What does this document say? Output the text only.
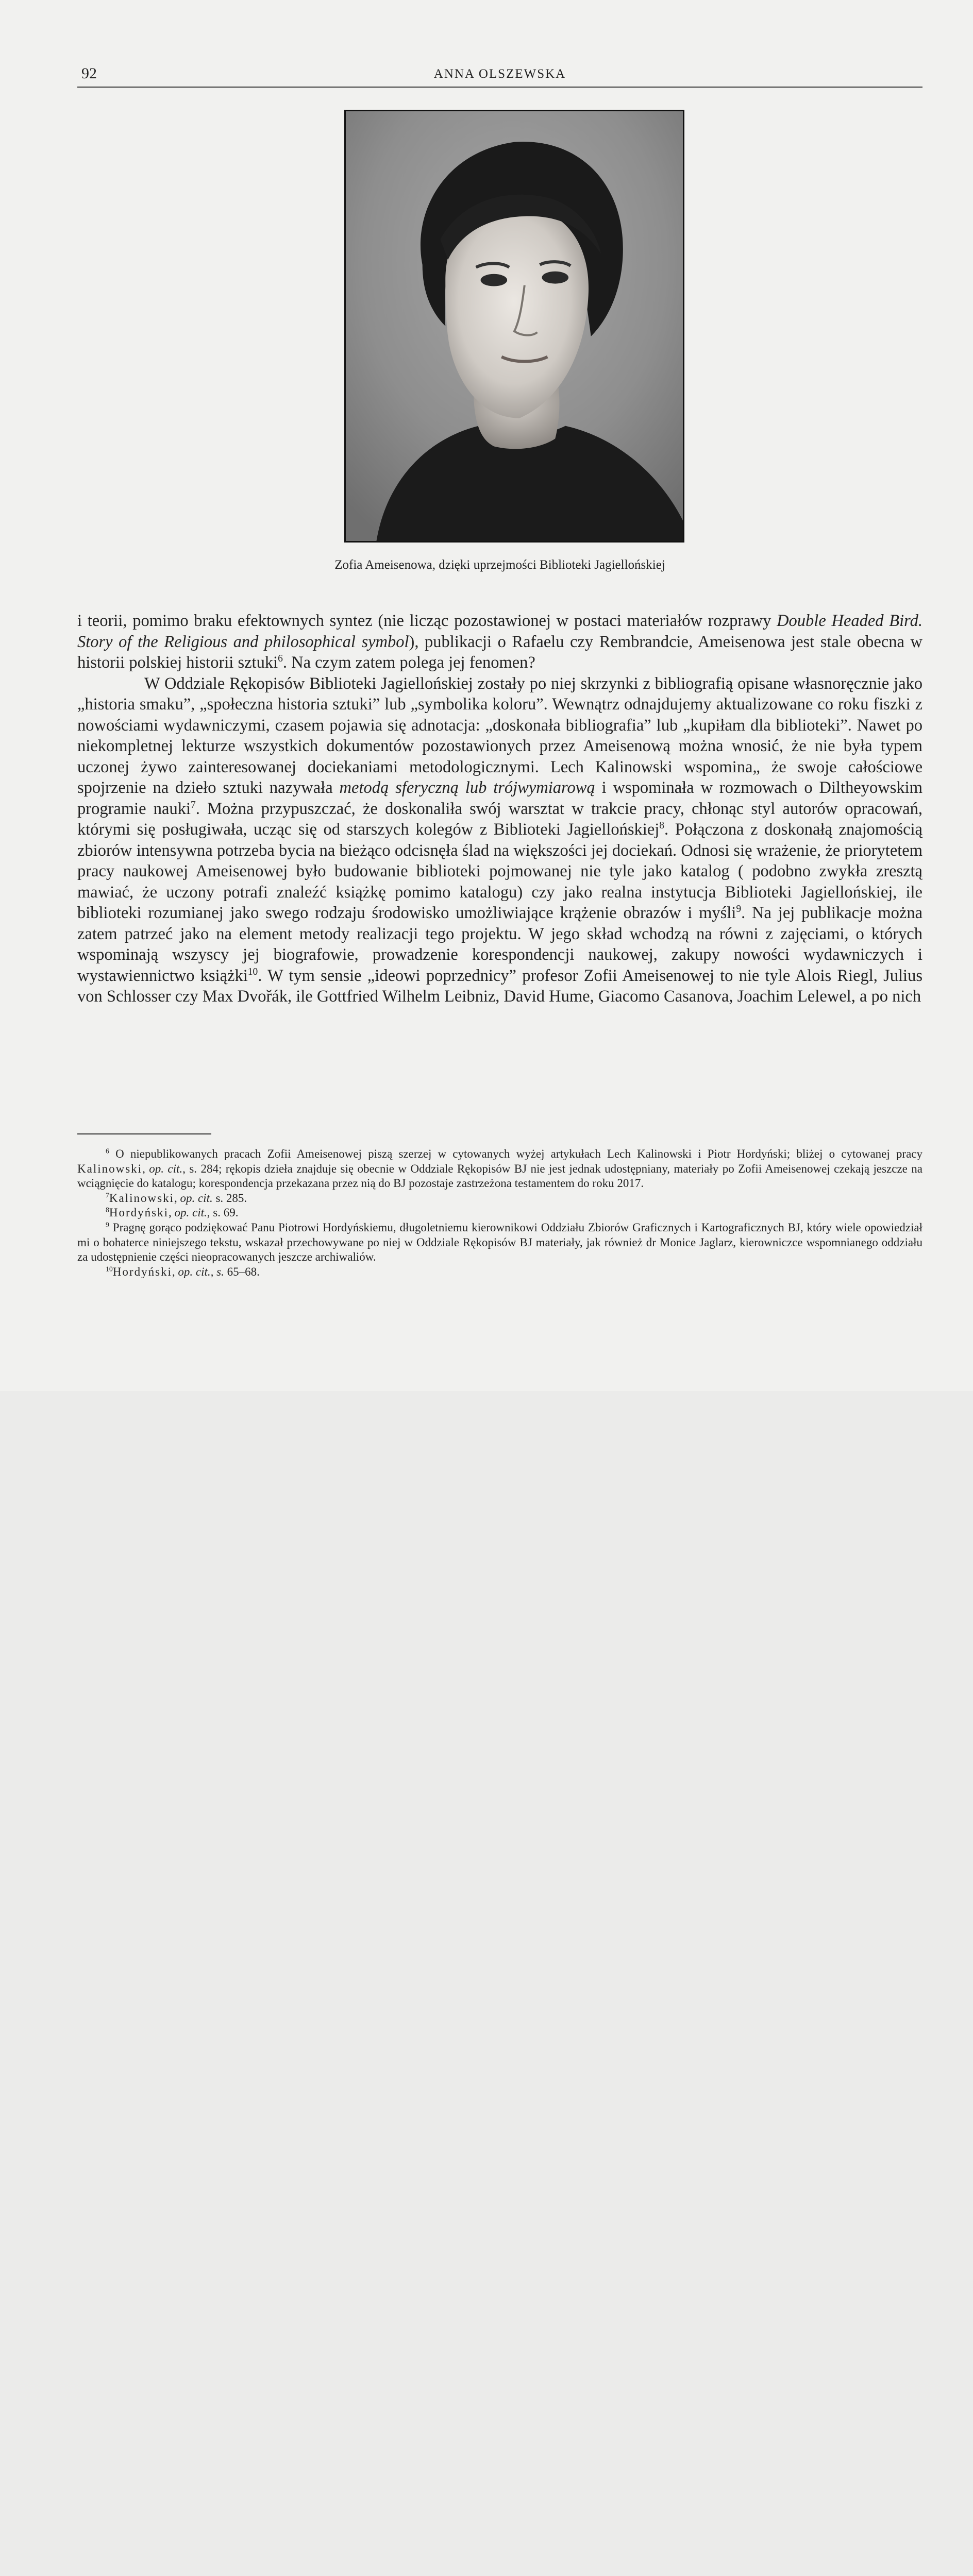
92	ANNA OLSZEWSKA
Zofia Ameisenowa, dzięki uprzejmości Biblioteki Jagiellońskiej

i teorii, pomimo braku efektownych syntez (nie licząc pozostawionej w postaci materiałów rozprawy Double Headed Bird. Story of the Religious and philosophical symbol), publikacji o Rafaelu czy Rembrandcie, Ameisenowa jest stale obecna w historii polskiej historii sztuki$^6$. Na czym zatem polega jej fenomen?

W Oddziale Rękopisów Biblioteki Jagiellońskiej zostały po niej skrzynki z bibliografią opisane własnoręcznie jako „historia smaku”, „społeczna historia sztuki” lub „symbolika koloru”. Wewnątrz odnajdujemy aktualizowane co roku fiszki z nowościami wydawniczymi, czasem pojawia się adnotacja: „doskonała bibliografia” lub „kupiłam dla biblioteki”. Nawet po niekompletnej lekturze wszystkich dokumentów pozostawionych przez Ameisenową można wnosić, że nie była typem uczonej żywo zainteresowanej dociekaniami metodologicznymi. Lech Kalinowski wspomina„ że swoje całościowe spojrzenie na dzieło sztuki nazywała metodą sferyczną lub trójwymiarową i wspominała w rozmowach o Diltheyowskim programie nauki$^7$. Można przypuszczać, że doskonaliła swój warsztat w trakcie pracy, chłonąc styl autorów opracowań, którymi się posługiwała, ucząc się od starszych kolegów z Biblioteki Jagiellońskiej$^8$. Połączona z doskonałą znajomością zbiorów intensywna potrzeba bycia na bieżąco odcisnęła ślad na większości jej dociekań. Odnosi się wrażenie, że priorytetem pracy naukowej Ameisenowej było budowanie biblioteki pojmowanej nie tyle jako katalog ( podobno zwykła zresztą mawiać, że uczony potrafi znaleźć książkę pomimo katalogu) czy jako realna instytucja Biblioteki Jagiellońskiej, ile biblioteki rozumianej jako swego rodzaju środowisko umożliwiające krążenie obrazów i myśli$^9$. Na jej publikacje można zatem patrzeć jako na element metody realizacji tego projektu. W jego skład wchodzą na równi z zajęciami, o których wspominają wszyscy jej biografowie, prowadzenie korespondencji naukowej, zakupy nowości wydawniczych i wystawiennictwo książki$^{10}$. W tym sensie „ideowi poprzednicy” profesor Zofii Ameisenowej to nie tyle Alois Riegl, Julius von Schlosser czy Max Dvořák, ile Gottfried Wilhelm Leibniz, David Hume, Giacomo Casanova, Joachim Lelewel, a po nich

$^6$ O niepublikowanych pracach Zofii Ameisenowej piszą szerzej w cytowanych wyżej artykułach Lech Kalinowski i Piotr Hordyński; bliżej o cytowanej pracy Kalinowski, op. cit., s. 284; rękopis dzieła znajduje się obecnie w Oddziale Rękopisów BJ nie jest jednak udostępniany, materiały po Zofii Ameisenowej czekają jeszcze na wciągnięcie do katalogu; korespondencja przekazana przez nią do BJ pozostaje zastrzeżona testamentem do roku 2017.

$^7$Kalinowski, op. cit. s. 285.

$^8$Hordyński, op. cit., s. 69.

$^9$ Pragnę gorąco podziękować Panu Piotrowi Hordyńskiemu, długoletniemu kierownikowi Oddziału Zbiorów Graficznych i Kartograficznych BJ, który wiele opowiedział mi o bohaterce niniejszego tekstu, wskazał przechowywane po niej w Oddziale Rękopisów BJ materiały, jak również dr Monice Jaglarz, kierowniczce wspomnianego oddziału za udostępnienie części nieopracowanych jeszcze archiwaliów.

$^{10}$Hordyński, op. cit., s. 65–68.
